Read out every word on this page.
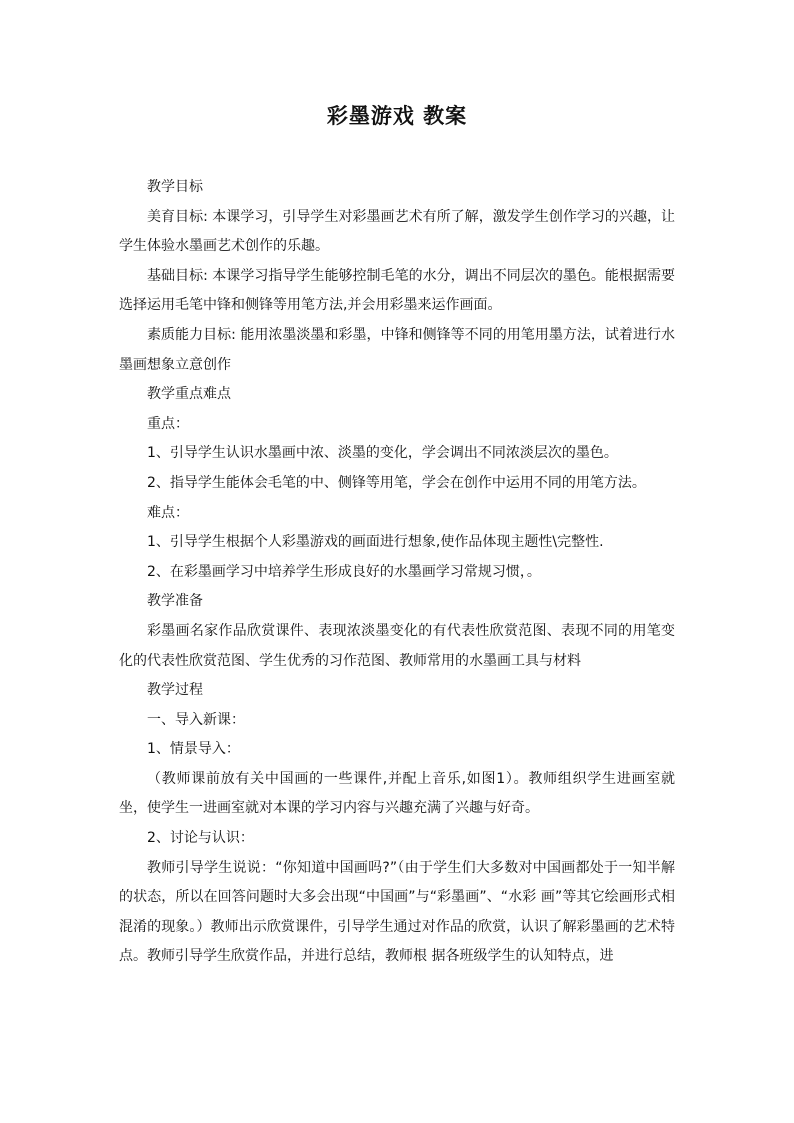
彩墨游戏 教案

教学目标

美育目标: 本课学习，引导学生对彩墨画艺术有所了解，激发学生创作学习的兴趣，让学生体验水墨画艺术创作的乐趣。

基础目标: 本课学习指导学生能够控制毛笔的水分，调出不同层次的墨色。能根据需要选择运用毛笔中锋和侧锋等用笔方法,并会用彩墨来运作画面。

素质能力目标: 能用浓墨淡墨和彩墨，中锋和侧锋等不同的用笔用墨方法，试着进行水墨画想象立意创作

教学重点难点

重点：

1、引导学生认识水墨画中浓、淡墨的变化，学会调出不同浓淡层次的墨色。

2、指导学生能体会毛笔的中、侧锋等用笔，学会在创作中运用不同的用笔方法。

难点：

1、引导学生根据个人彩墨游戏的画面进行想象,使作品体现主题性\完整性.

2、在彩墨画学习中培养学生形成良好的水墨画学习常规习惯，。

教学准备

彩墨画名家作品欣赏课件、表现浓淡墨变化的有代表性欣赏范图、表现不同的用笔变化的代表性欣赏范图、学生优秀的习作范图、教师常用的水墨画工具与材料

教学过程

一、导入新课：

1、情景导入：

（教师课前放有关中国画的一些课件,并配上音乐,如图1）。教师组织学生进画室就坐，使学生一进画室就对本课的学习内容与兴趣充满了兴趣与好奇。

2、讨论与认识：

教师引导学生说说：“你知道中国画吗?”（由于学生们大多数对中国画都处于一知半解的状态，所以在回答问题时大多会出现“中国画”与“彩墨画”、“水彩 画”等其它绘画形式相混淆的现象。）教师出示欣赏课件，引导学生通过对作品的欣赏，认识了解彩墨画的艺术特点。教师引导学生欣赏作品，并进行总结，教师根 据各班级学生的认知特点，进
